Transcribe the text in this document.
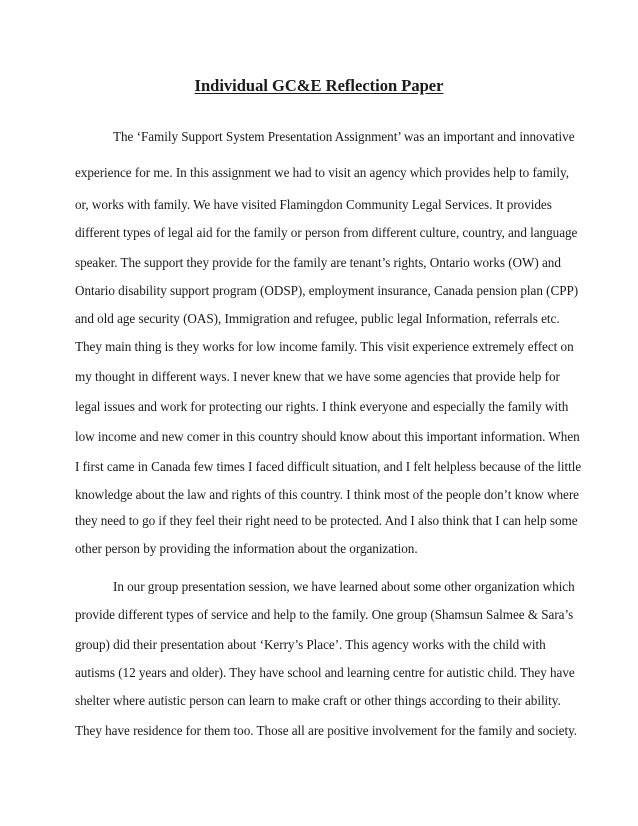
Individual GC&E Reflection Paper
The ‘Family Support System Presentation Assignment’ was an important and innovative
experience for me. In this assignment we had to visit an agency which provides help to family,
or, works with family. We have visited Flamingdon Community Legal Services. It provides
different types of legal aid for the family or person from different culture, country, and language
speaker. The support they provide for the family are tenant’s rights, Ontario works (OW) and
Ontario disability support program (ODSP), employment insurance, Canada pension plan (CPP)
and old age security (OAS), Immigration and refugee, public legal Information, referrals etc.
They main thing is they works for low income family. This visit experience extremely effect on
my thought in different ways. I never knew that we have some agencies that provide help for
legal issues and work for protecting our rights. I think everyone and especially the family with
low income and new comer in this country should know about this important information. When
I first came in Canada few times I faced difficult situation, and I felt helpless because of the little
knowledge about the law and rights of this country. I think most of the people don’t know where
they need to go if they feel their right need to be protected. And I also think that I can help some
other person by providing the information about the organization.
In our group presentation session, we have learned about some other organization which
provide different types of service and help to the family. One group (Shamsun Salmee & Sara’s
group) did their presentation about ‘Kerry’s Place’. This agency works with the child with
autisms (12 years and older). They have school and learning centre for autistic child. They have
shelter where autistic person can learn to make craft or other things according to their ability.
They have residence for them too. Those all are positive involvement for the family and society.
